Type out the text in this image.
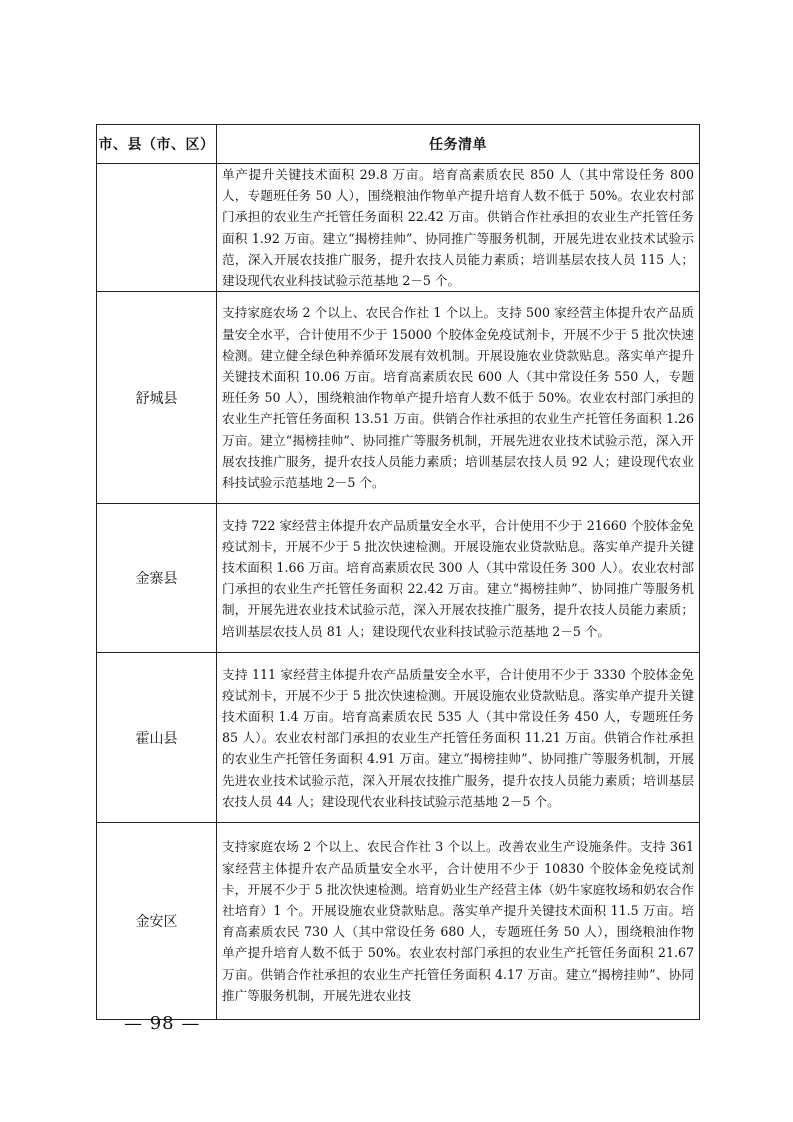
市、县（市、区）	任务清单
	单产提升关键技术面积 29.8 万亩。培育高素质农民 850 人（其中常设任务 800 人，专题班任务 50 人），围绕粮油作物单产提升培育人数不低于 50%。农业农村部门承担的农业生产托管任务面积 22.42 万亩。供销合作社承担的农业生产托管任务面积 1.92 万亩。建立“揭榜挂帅”、协同推广等服务机制，开展先进农业技术试验示范，深入开展农技推广服务，提升农技人员能力素质；培训基层农技人员 115 人；建设现代农业科技试验示范基地 2－5 个。
舒城县	支持家庭农场 2 个以上、农民合作社 1 个以上。支持 500 家经营主体提升农产品质量安全水平，合计使用不少于 15000 个胶体金免疫试剂卡，开展不少于 5 批次快速检测。建立健全绿色种养循环发展有效机制。开展设施农业贷款贴息。落实单产提升关键技术面积 10.06 万亩。培育高素质农民 600 人（其中常设任务 550 人，专题班任务 50 人），围绕粮油作物单产提升培育人数不低于 50%。农业农村部门承担的农业生产托管任务面积 13.51 万亩。供销合作社承担的农业生产托管任务面积 1.26 万亩。建立“揭榜挂帅”、协同推广等服务机制，开展先进农业技术试验示范，深入开展农技推广服务，提升农技人员能力素质；培训基层农技人员 92 人；建设现代农业科技试验示范基地 2－5 个。
金寨县	支持 722 家经营主体提升农产品质量安全水平，合计使用不少于 21660 个胶体金免疫试剂卡，开展不少于 5 批次快速检测。开展设施农业贷款贴息。落实单产提升关键技术面积 1.66 万亩。培育高素质农民 300 人（其中常设任务 300 人）。农业农村部门承担的农业生产托管任务面积 22.42 万亩。建立“揭榜挂帅”、协同推广等服务机制，开展先进农业技术试验示范，深入开展农技推广服务，提升农技人员能力素质；培训基层农技人员 81 人；建设现代农业科技试验示范基地 2－5 个。
霍山县	支持 111 家经营主体提升农产品质量安全水平，合计使用不少于 3330 个胶体金免疫试剂卡，开展不少于 5 批次快速检测。开展设施农业贷款贴息。落实单产提升关键技术面积 1.4 万亩。培育高素质农民 535 人（其中常设任务 450 人，专题班任务 85 人）。农业农村部门承担的农业生产托管任务面积 11.21 万亩。供销合作社承担的农业生产托管任务面积 4.91 万亩。建立“揭榜挂帅”、协同推广等服务机制，开展先进农业技术试验示范，深入开展农技推广服务，提升农技人员能力素质；培训基层农技人员 44 人；建设现代农业科技试验示范基地 2－5 个。
金安区	支持家庭农场 2 个以上、农民合作社 3 个以上。改善农业生产设施条件。支持 361 家经营主体提升农产品质量安全水平，合计使用不少于 10830 个胶体金免疫试剂卡，开展不少于 5 批次快速检测。培育奶业生产经营主体（奶牛家庭牧场和奶农合作社培育）1 个。开展设施农业贷款贴息。落实单产提升关键技术面积 11.5 万亩。培育高素质农民 730 人（其中常设任务 680 人，专题班任务 50 人），围绕粮油作物单产提升培育人数不低于 50%。农业农村部门承担的农业生产托管任务面积 21.67 万亩。供销合作社承担的农业生产托管任务面积 4.17 万亩。建立“揭榜挂帅”、协同推广等服务机制，开展先进农业技
— 98 —
